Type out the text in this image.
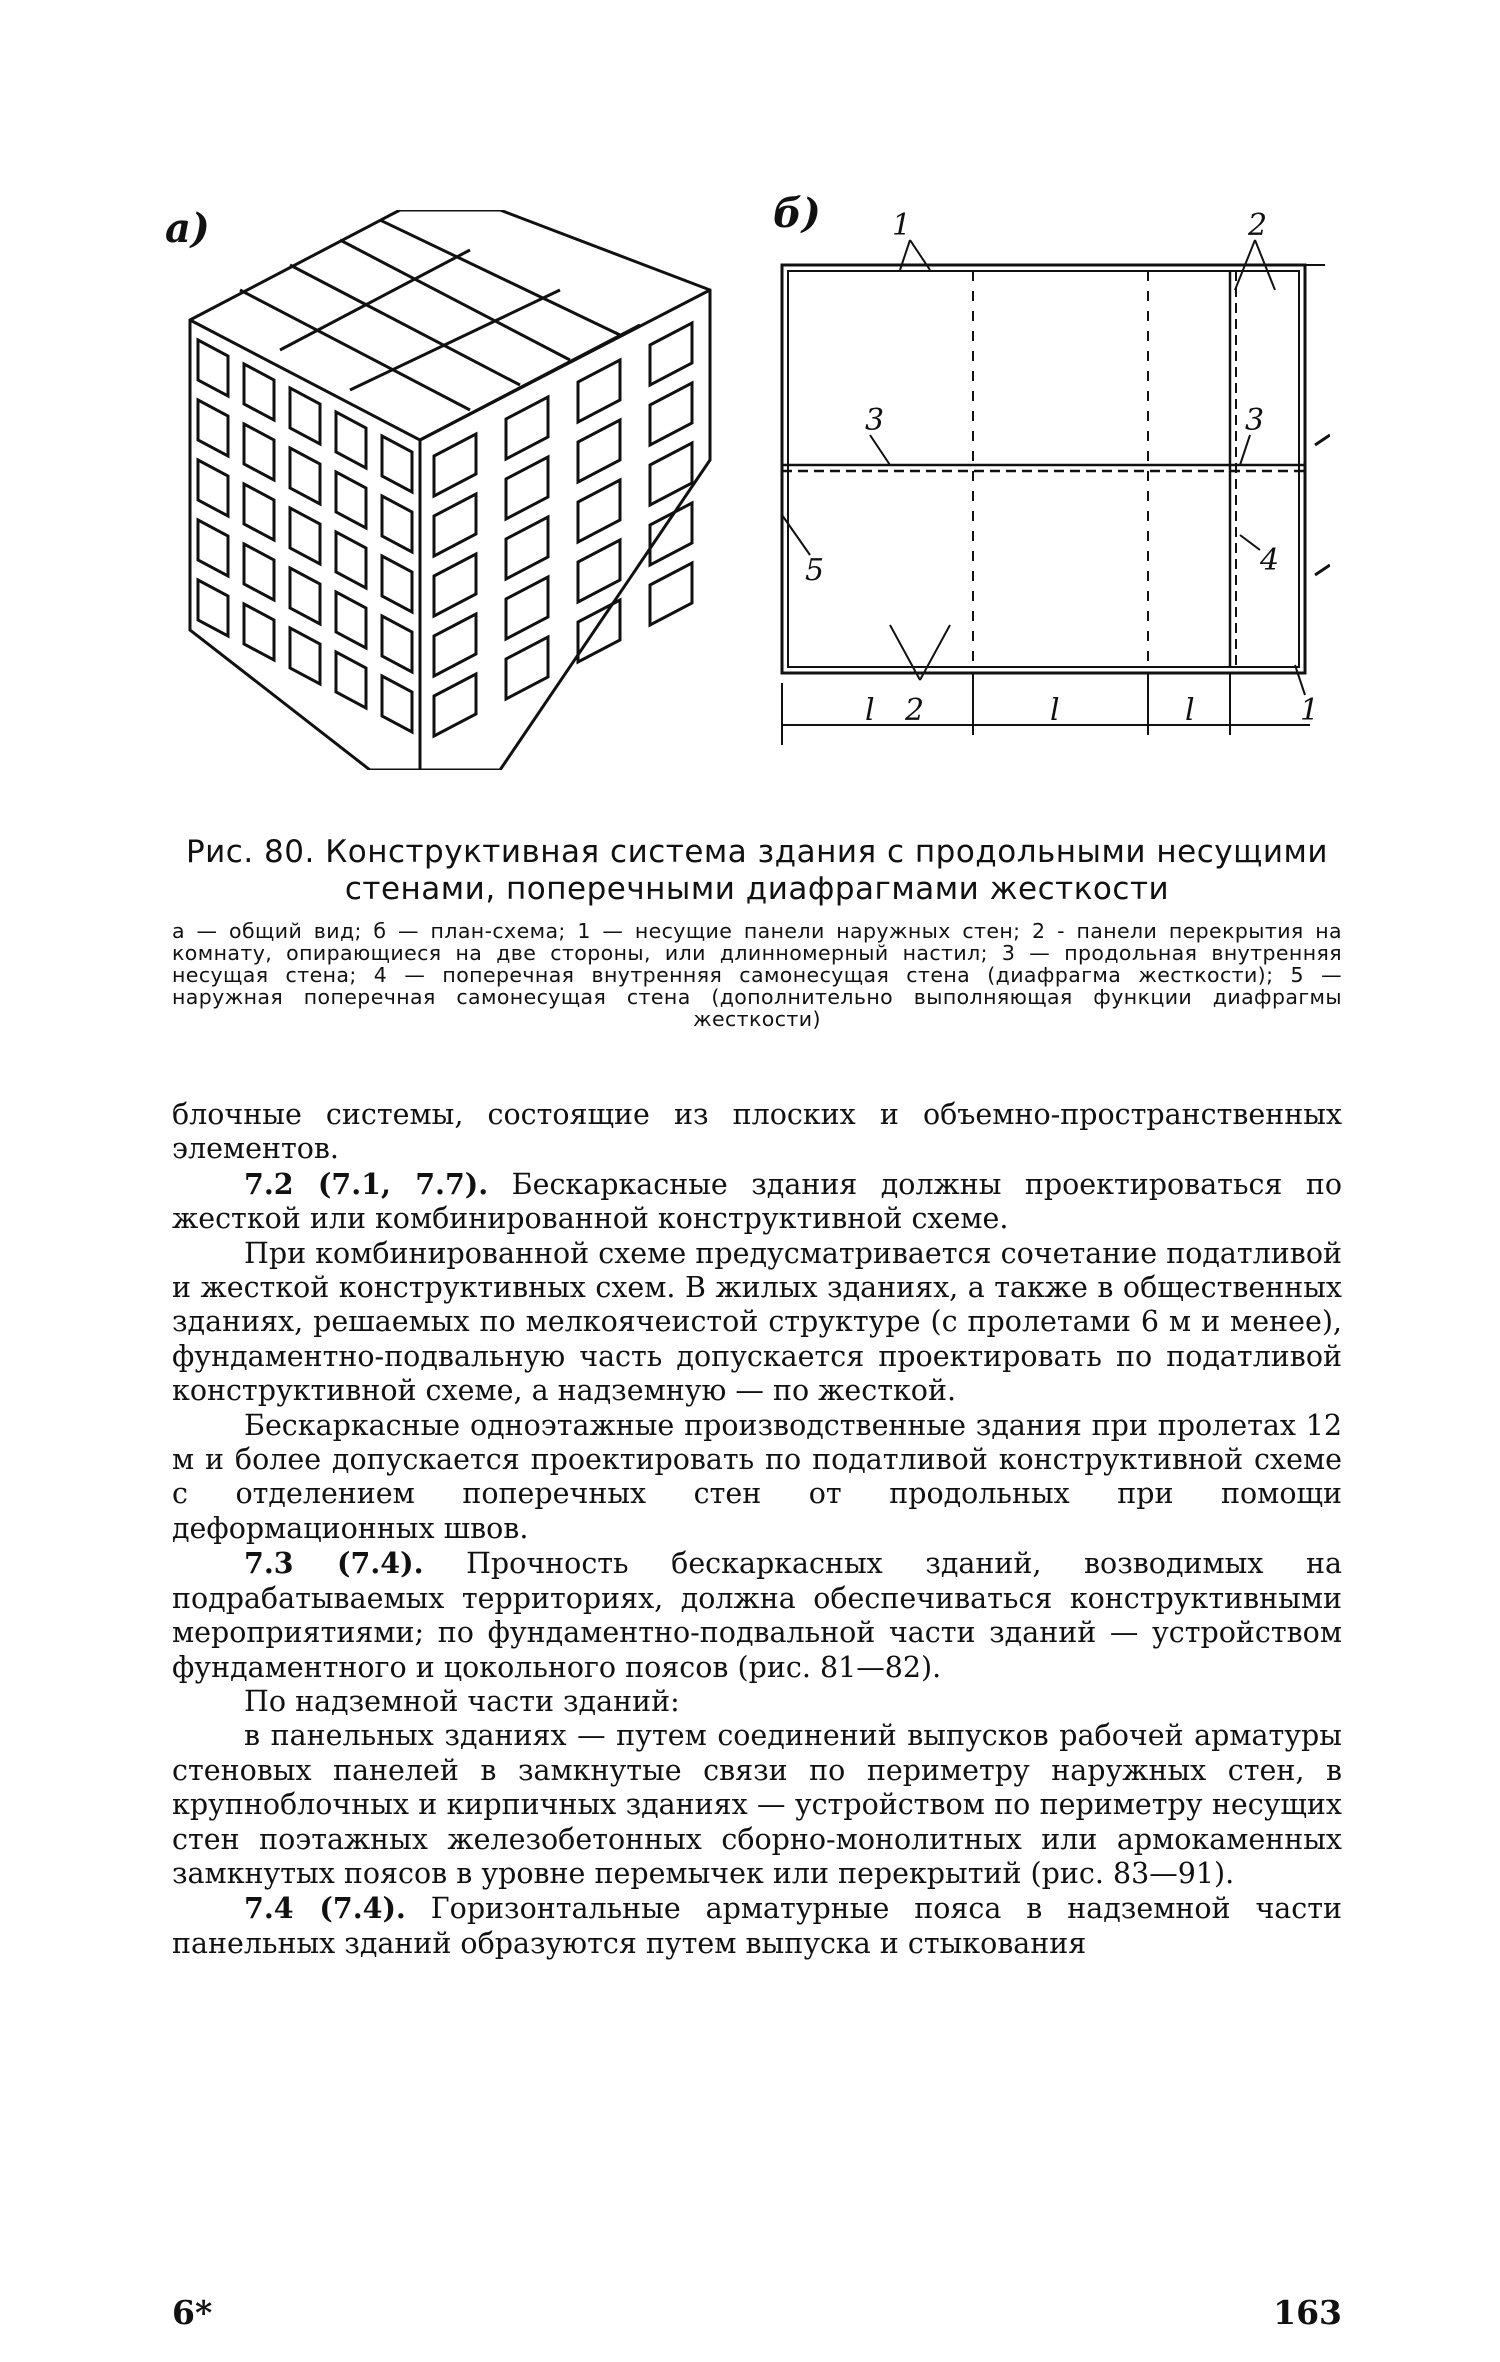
а)	б) 1	2
3	3
4
5
2	1
l	l	l
Рис. 80. Конструктивная система здания с продольными несущими
стенами, поперечными диафрагмами жесткости
а — общий вид; б — план-схема; 1 — несущие панели наружных стен; 2 - панели перекрытия на комнату, опирающиеся на две стороны, или длинномерный настил; 3 — продольная внутренняя несущая стена; 4 — поперечная внутренняя самонесущая стена (диафрагма жесткости); 5 — наружная поперечная самонесущая стена (дополнительно выполняющая функции диафрагмы жесткости)

блочные системы, состоящие из плоских и объемно-пространственных элементов.

7.2 (7.1, 7.7). Бескаркасные здания должны проектироваться по жесткой или комбинированной конструктивной схеме.

При комбинированной схеме предусматривается сочетание податливой и жесткой конструктивных схем. В жилых зданиях, а также в общественных зданиях, решаемых по мелкоячеистой структуре (с пролетами 6 м и менее), фундаментно-подвальную часть допускается проектировать по податливой конструктивной схеме, а надземную — по жесткой.

Бескаркасные одноэтажные производственные здания при пролетах 12 м и более допускается проектировать по податливой конструктивной схеме с отделением поперечных стен от продольных при помощи деформационных швов.

7.3 (7.4). Прочность бескаркасных зданий, возводимых на подрабатываемых территориях, должна обеспечиваться конструктивными мероприятиями; по фундаментно-подвальной части зданий — устройством фундаментного и цокольного поясов (рис. 81—82).

По надземной части зданий:

в панельных зданиях — путем соединений выпусков рабочей арматуры стеновых панелей в замкнутые связи по периметру наружных стен, в крупноблочных и кирпичных зданиях — устройством по периметру несущих стен поэтажных железобетонных сборно-монолитных или армокаменных замкнутых поясов в уровне перемычек или перекрытий (рис. 83—91).

7.4 (7.4). Горизонтальные арматурные пояса в надземной части панельных зданий образуются путем выпуска и стыкования

6*	163
